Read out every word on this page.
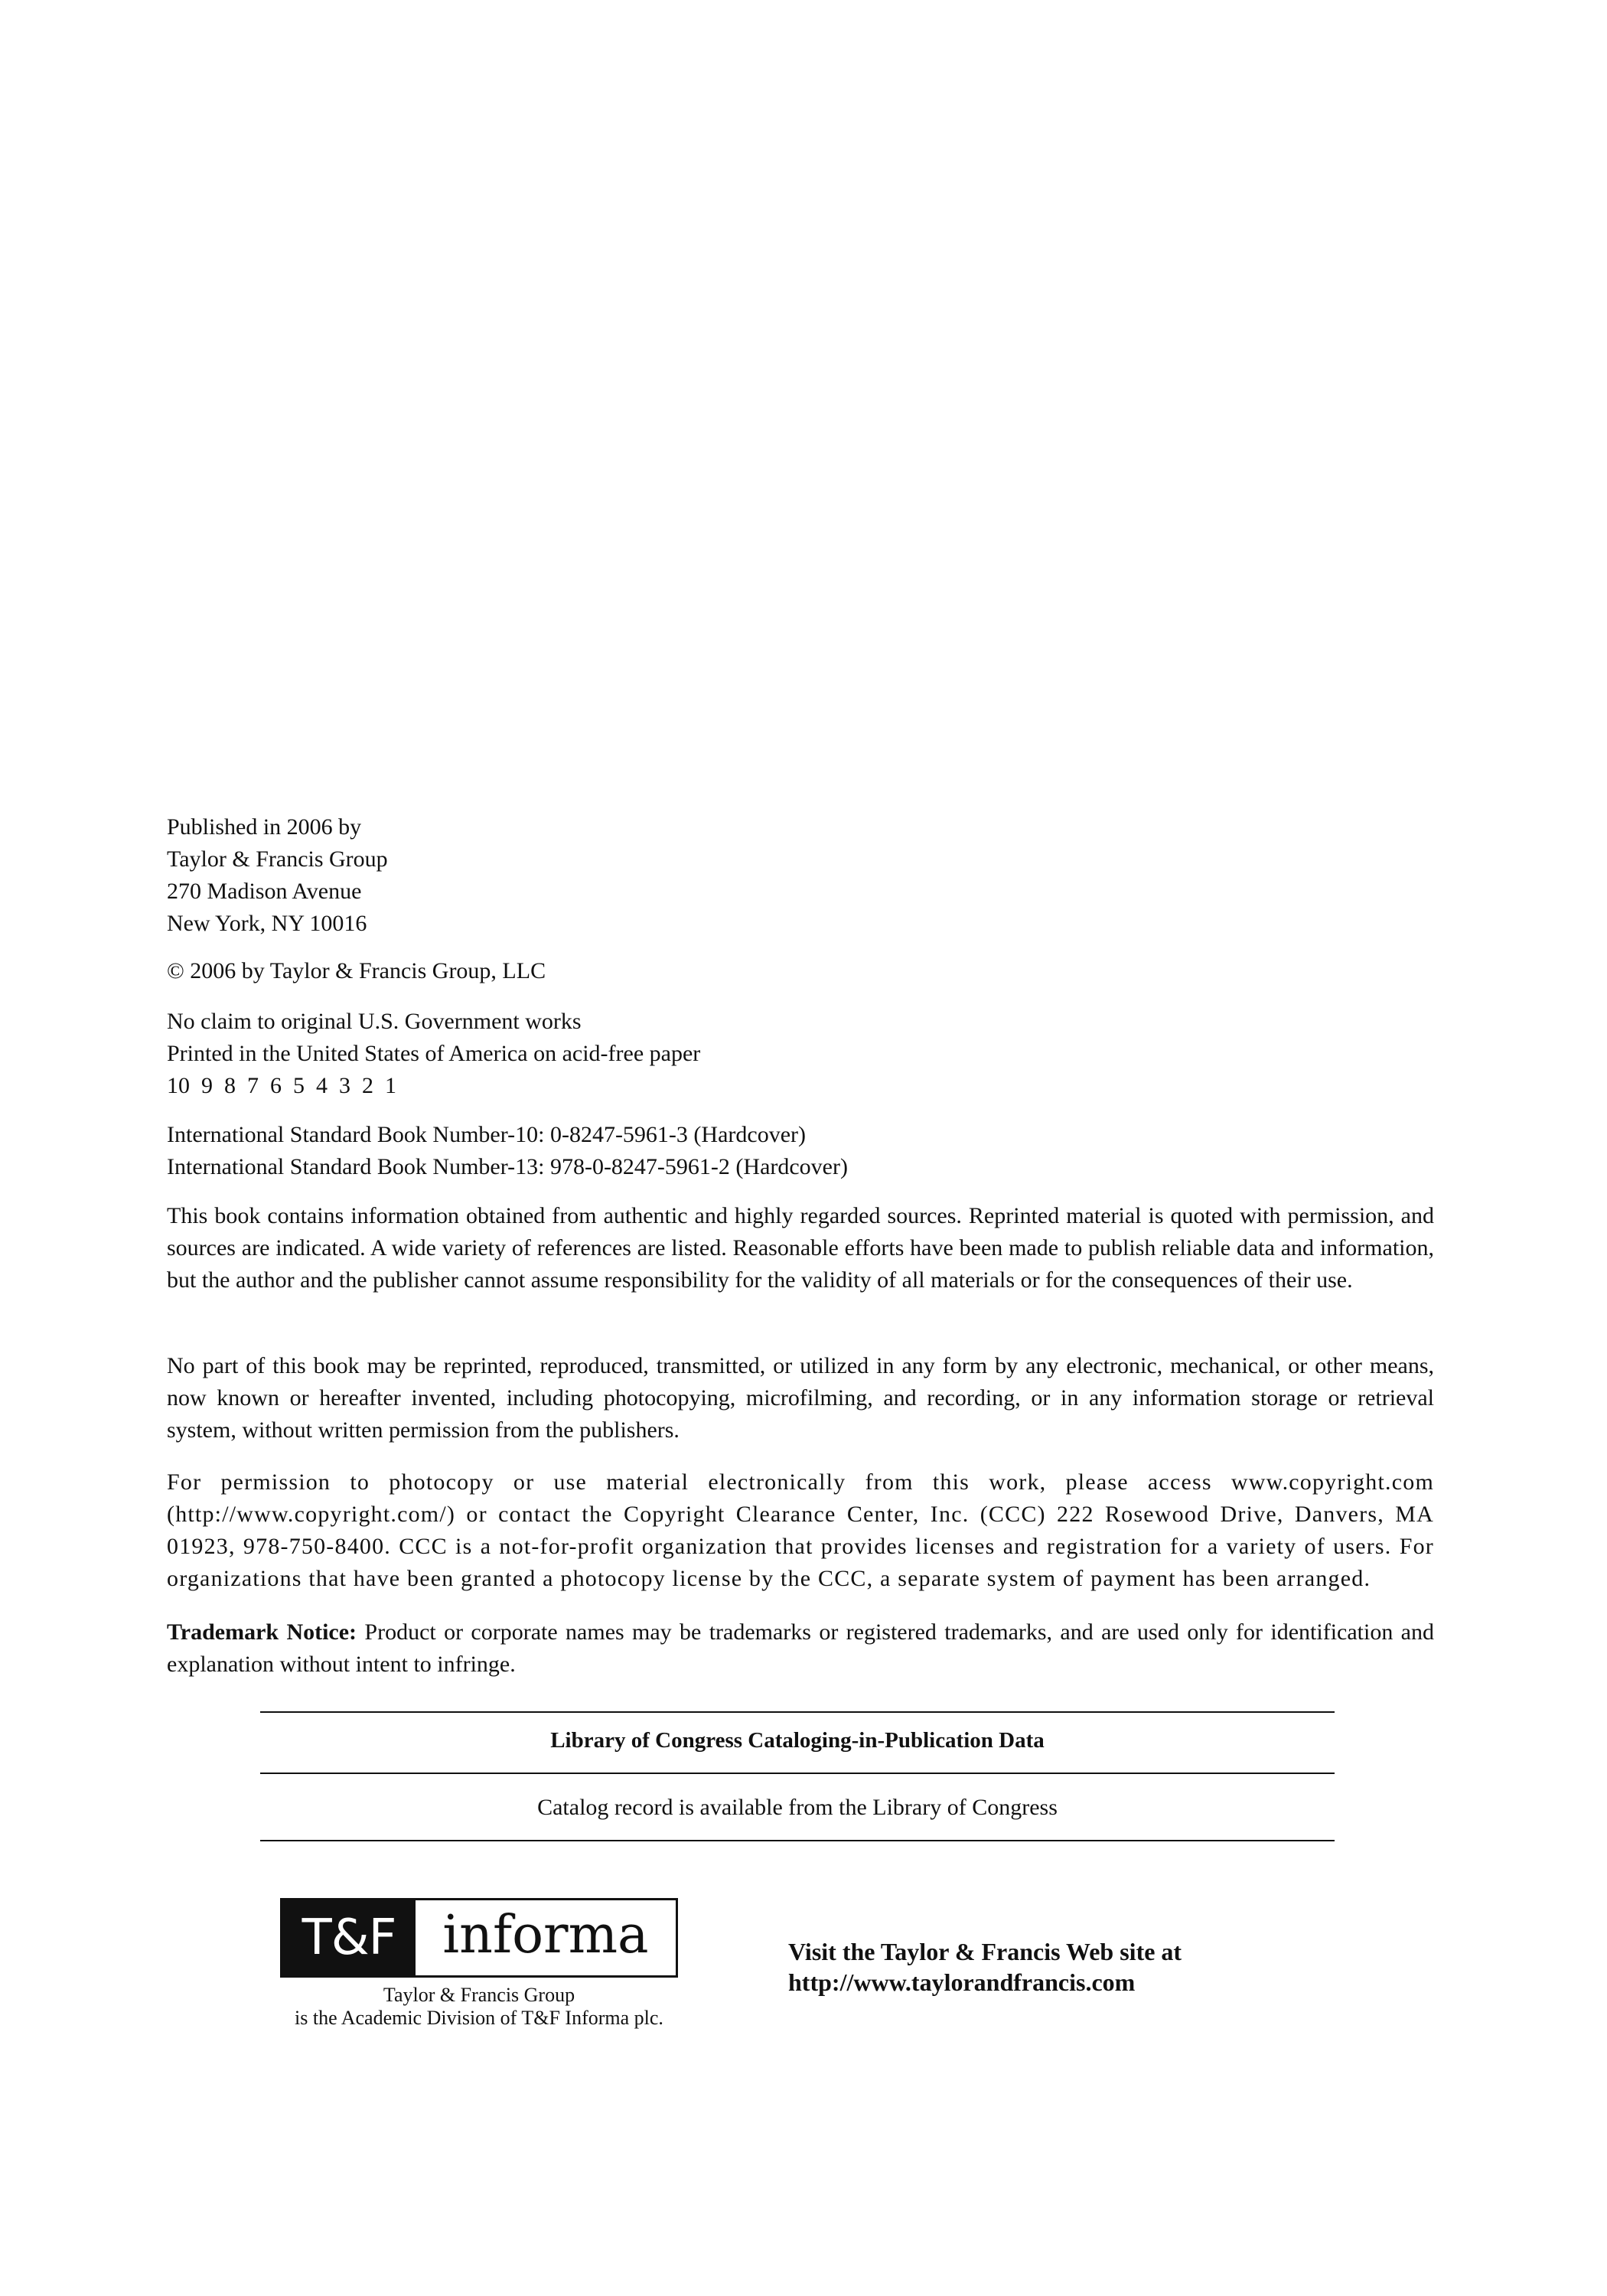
Published in 2006 by
Taylor & Francis Group
270 Madison Avenue
New York, NY 10016
© 2006 by Taylor & Francis Group, LLC
No claim to original U.S. Government works
Printed in the United States of America on acid-free paper
10  9  8  7  6  5  4  3  2  1
International Standard Book Number-10: 0-8247-5961-3 (Hardcover)
International Standard Book Number-13: 978-0-8247-5961-2 (Hardcover)
This book contains information obtained from authentic and highly regarded sources. Reprinted material is quoted with permission, and sources are indicated. A wide variety of references are listed. Reasonable efforts have been made to publish reliable data and information, but the author and the publisher cannot assume responsibility for the validity of all materials or for the consequences of their use.
No part of this book may be reprinted, reproduced, transmitted, or utilized in any form by any electronic, mechanical, or other means, now known or hereafter invented, including photocopying, microfilming, and recording, or in any information storage or retrieval system, without written permission from the publishers.
For permission to photocopy or use material electronically from this work, please access www.copyright.com (http://www.copyright.com/) or contact the Copyright Clearance Center, Inc. (CCC) 222 Rosewood Drive, Danvers, MA 01923, 978-750-8400. CCC is a not-for-profit organization that provides licenses and registration for a variety of users. For organizations that have been granted a photocopy license by the CCC, a separate system of payment has been arranged.
Trademark Notice: Product or corporate names may be trademarks or registered trademarks, and are used only for identification and explanation without intent to infringe.
Library of Congress Cataloging-in-Publication Data
Catalog record is available from the Library of Congress
T&F informa
Taylor & Francis Group
is the Academic Division of T&F Informa plc.
Visit the Taylor & Francis Web site at
http://www.taylorandfrancis.com
